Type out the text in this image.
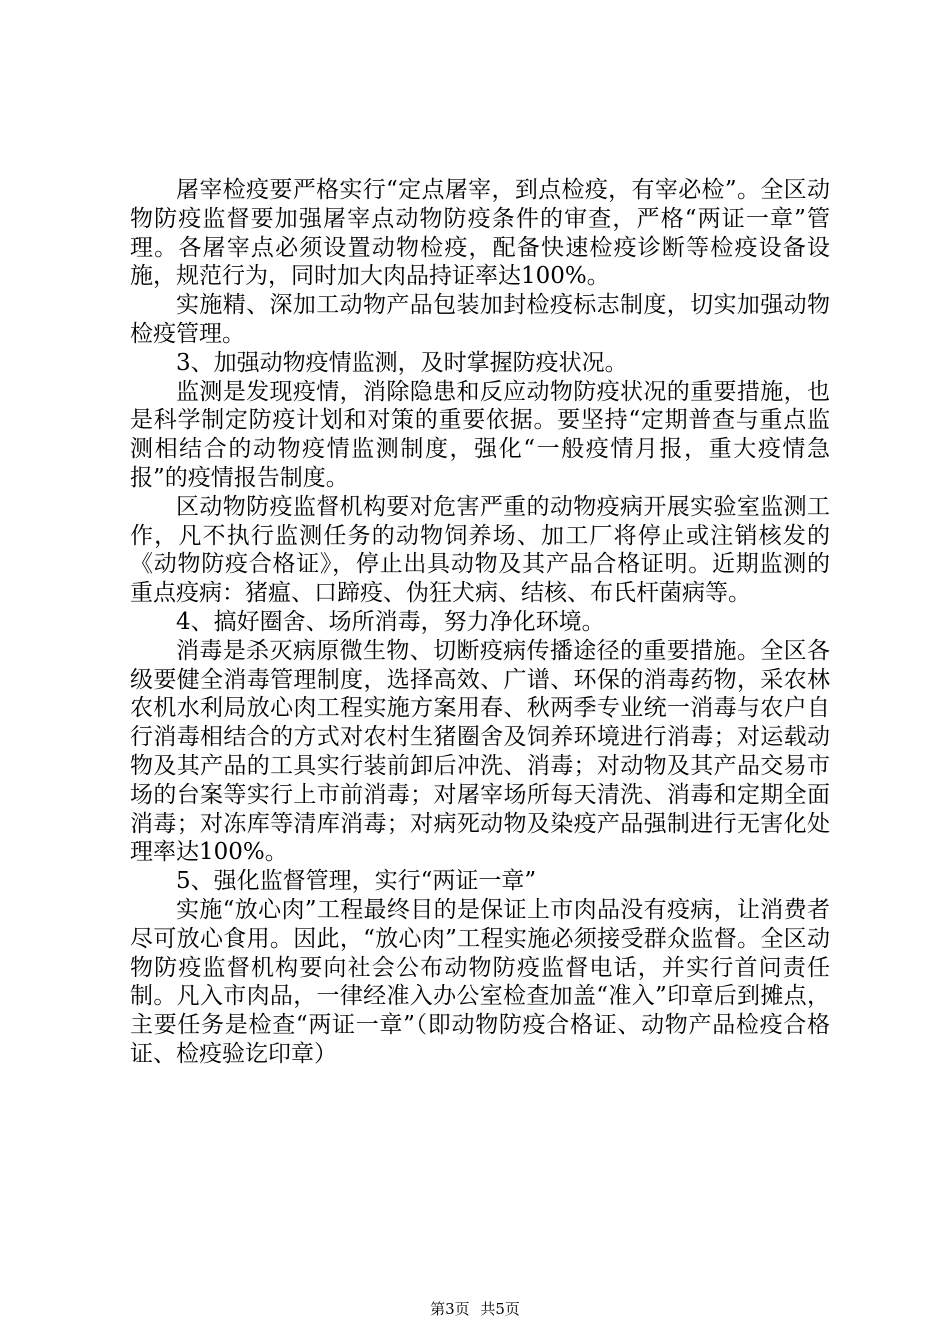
屠宰检疫要严格实行“定点屠宰，到点检疫，有宰必检”。全区动物防疫监督要加强屠宰点动物防疫条件的审查，严格“两证一章”管理。各屠宰点必须设置动物检疫，配备快速检疫诊断等检疫设备设施，规范行为，同时加大肉品持证率达100%。

实施精、深加工动物产品包装加封检疫标志制度，切实加强动物检疫管理。

3、加强动物疫情监测，及时掌握防疫状况。

监测是发现疫情，消除隐患和反应动物防疫状况的重要措施，也是科学制定防疫计划和对策的重要依据。要坚持“定期普查与重点监测相结合的动物疫情监测制度，强化“一般疫情月报，重大疫情急报”的疫情报告制度。

区动物防疫监督机构要对危害严重的动物疫病开展实验室监测工作，凡不执行监测任务的动物饲养场、加工厂将停止或注销核发的《动物防疫合格证》，停止出具动物及其产品合格证明。近期监测的重点疫病：猪瘟、口蹄疫、伪狂犬病、结核、布氏杆菌病等。

4、搞好圈舍、场所消毒，努力净化环境。

消毒是杀灭病原微生物、切断疫病传播途径的重要措施。全区各级要健全消毒管理制度，选择高效、广谱、环保的消毒药物，采农林农机水利局放心肉工程实施方案用春、秋两季专业统一消毒与农户自行消毒相结合的方式对农村生猪圈舍及饲养环境进行消毒；对运载动物及其产品的工具实行装前卸后冲洗、消毒；对动物及其产品交易市场的台案等实行上市前消毒；对屠宰场所每天清洗、消毒和定期全面消毒；对冻库等清库消毒；对病死动物及染疫产品强制进行无害化处理率达100%。

5、强化监督管理，实行“两证一章”

实施“放心肉”工程最终目的是保证上市肉品没有疫病，让消费者尽可放心食用。因此，“放心肉”工程实施必须接受群众监督。全区动物防疫监督机构要向社会公布动物防疫监督电话，并实行首问责任制。凡入市肉品，一律经准入办公室检查加盖“准入”印章后到摊点，主要任务是检查“两证一章”（即动物防疫合格证、动物产品检疫合格证、检疫验讫印章）

第3页 共5页
